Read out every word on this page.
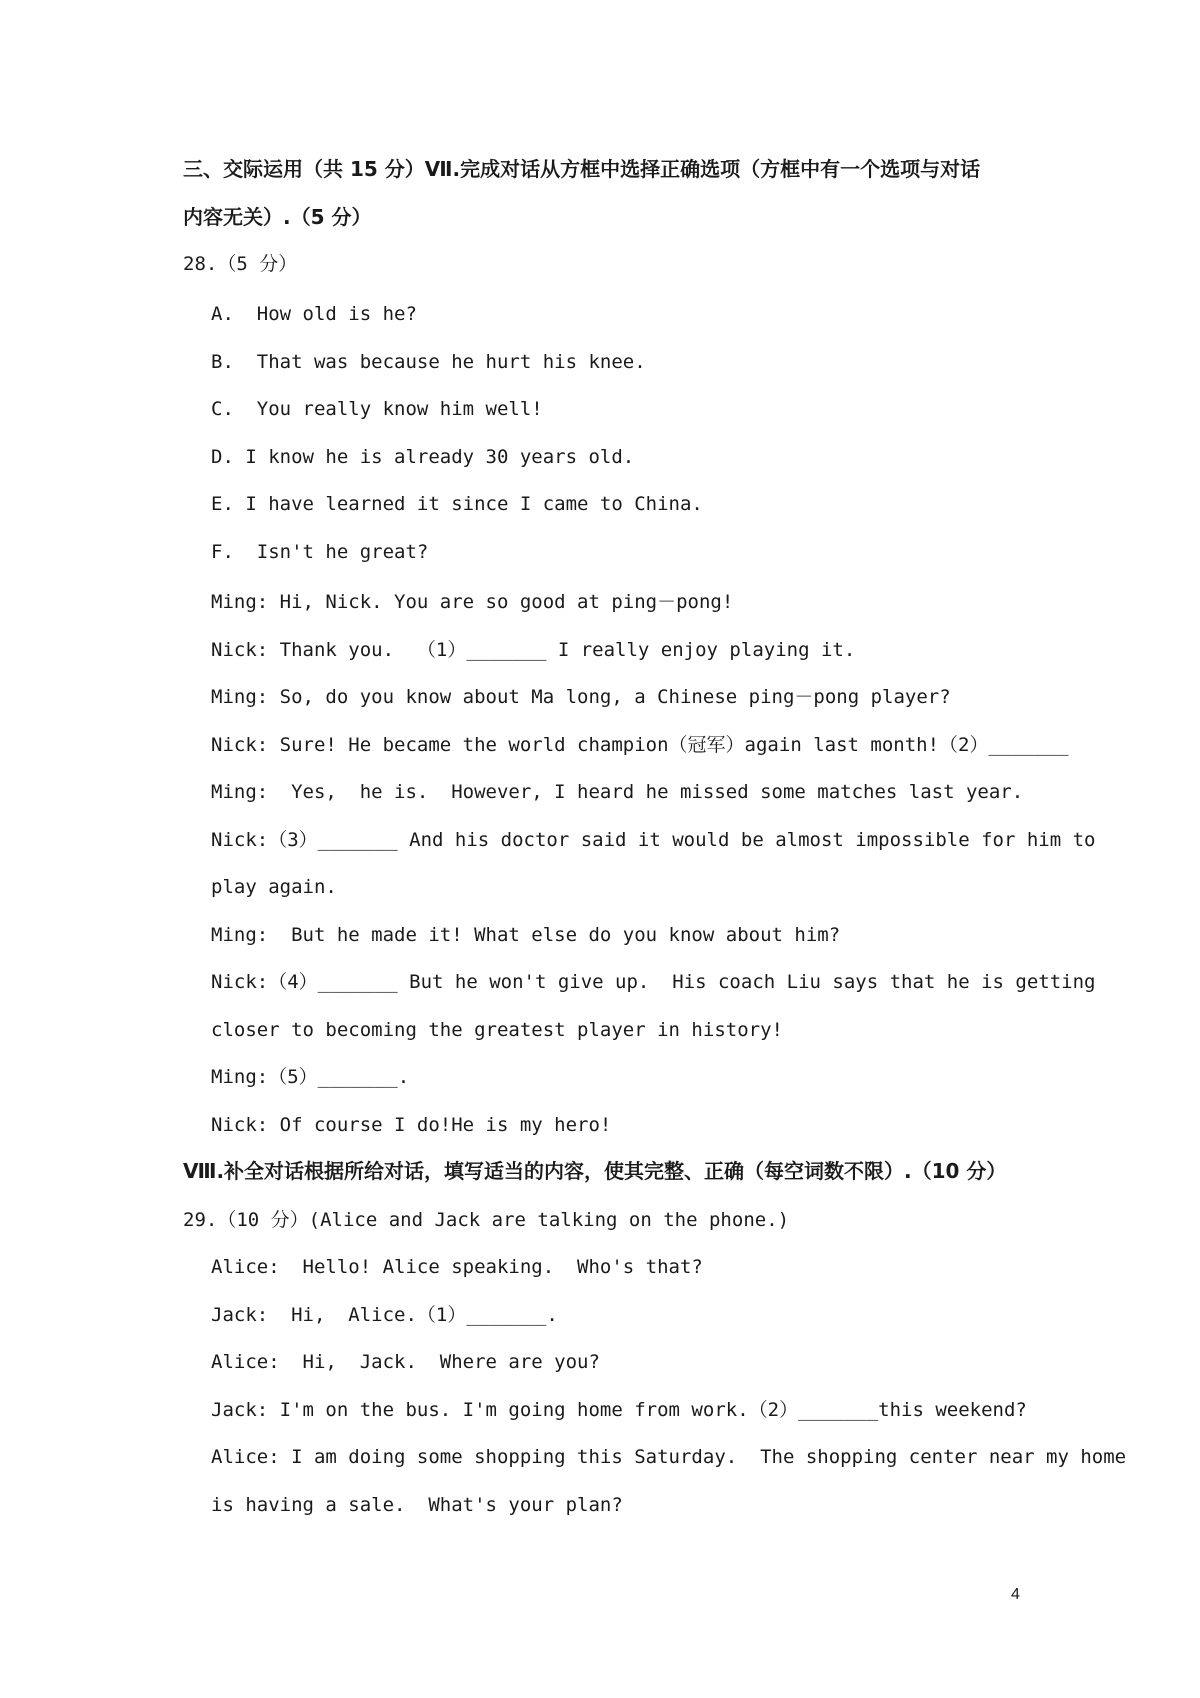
三、交际运用（共 15 分）Ⅶ.完成对话从方框中选择正确选项（方框中有一个选项与对话
内容无关）.（5 分）
28.（5 分）
A.  How old is he?
B.  That was because he hurt his knee.
C.  You really know him well!
D. I know he is already 30 years old.
E. I have learned it since I came to China.
F.  Isn't he great?
Ming: Hi, Nick. You are so good at ping－pong!
Nick: Thank you.  （1）_______ I really enjoy playing it.
Ming: So, do you know about Ma long, a Chinese ping－pong player?
Nick: Sure! He became the world champion（冠军）again last month!（2）_______
Ming:  Yes,  he is.  However, I heard he missed some matches last year.
Nick:（3）_______ And his doctor said it would be almost impossible for him to
play again.
Ming:  But he made it! What else do you know about him?
Nick:（4）_______ But he won't give up.  His coach Liu says that he is getting
closer to becoming the greatest player in history!
Ming:（5）_______.
Nick: Of course I do!He is my hero!
Ⅷ.补全对话根据所给对话，填写适当的内容，使其完整、正确（每空词数不限）.（10 分）
29.（10 分）(Alice and Jack are talking on the phone.)
Alice:  Hello! Alice speaking.  Who's that?
Jack:  Hi,  Alice.（1）_______.
Alice:  Hi,  Jack.  Where are you?
Jack: I'm on the bus. I'm going home from work.（2）_______this weekend?
Alice: I am doing some shopping this Saturday.  The shopping center near my home
is having a sale.  What's your plan?
4
